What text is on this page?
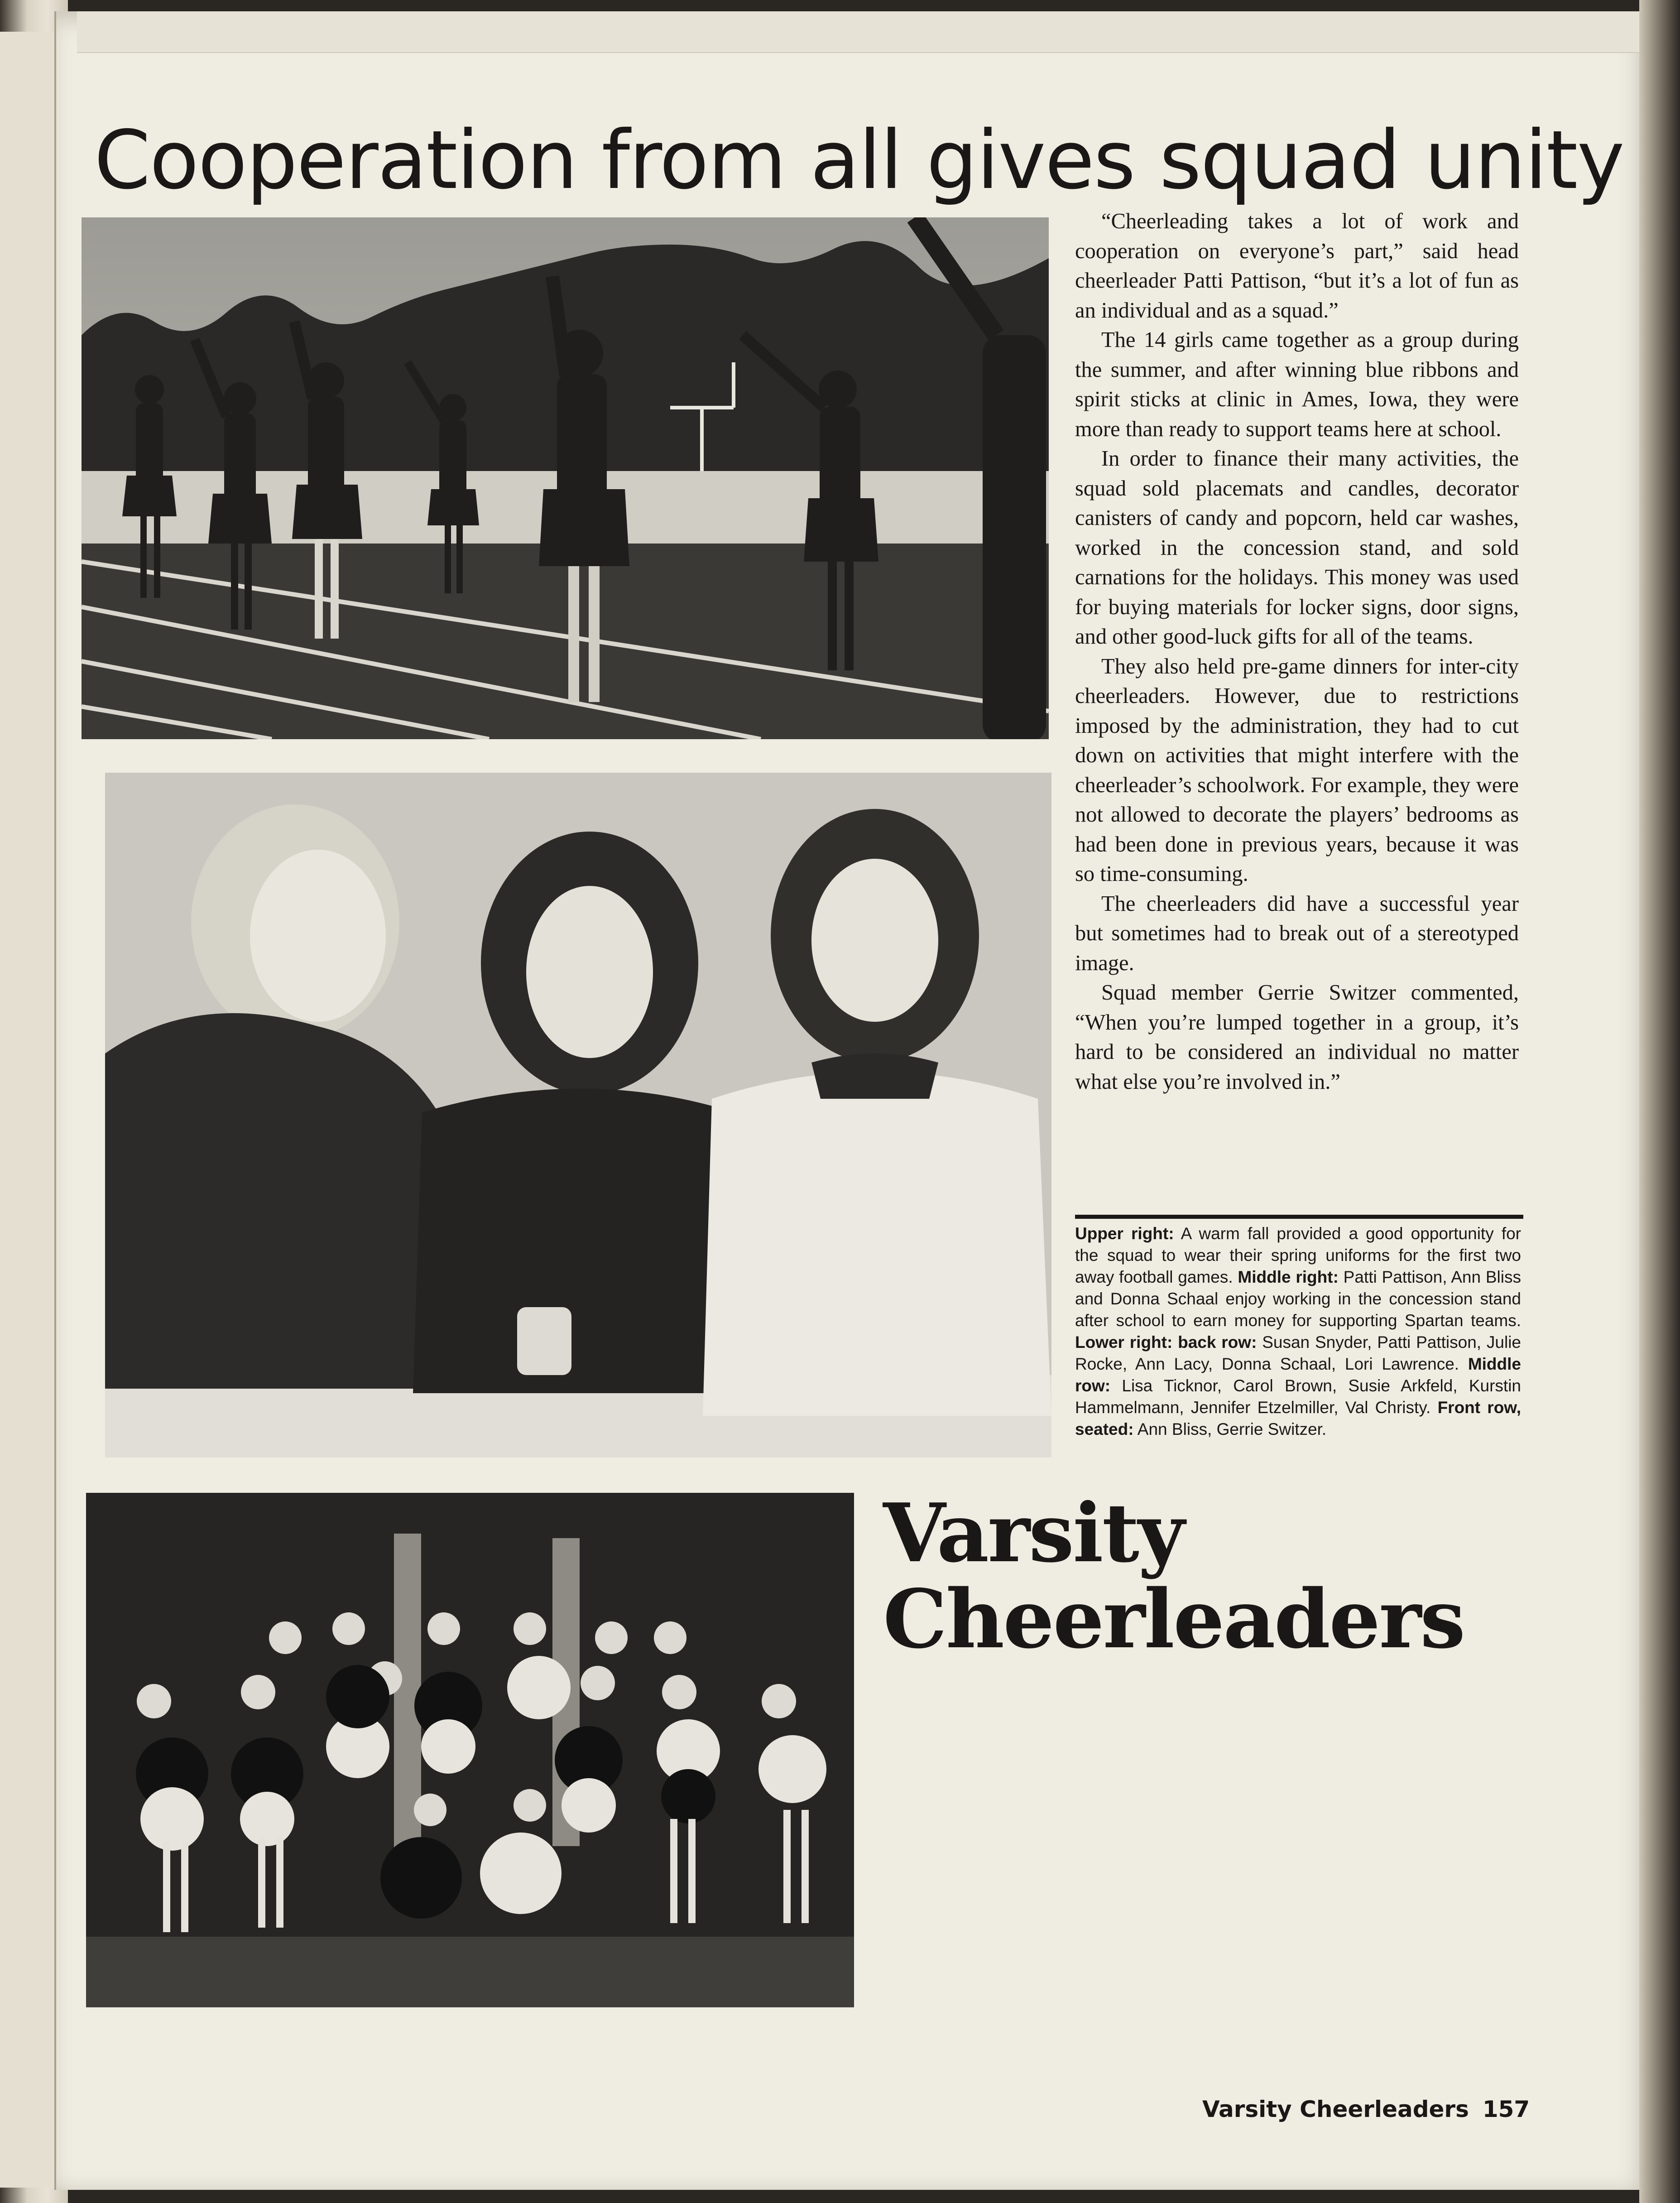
Cooperation from all gives squad unity

“Cheerleading takes a lot of work and cooperation on everyone’s part,” said head cheerleader Patti Pattison, “but it’s a lot of fun as an individual and as a squad.”

The 14 girls came together as a group during the summer, and after winning blue ribbons and spirit sticks at clinic in Ames, Iowa, they were more than ready to support teams here at school.

In order to finance their many activities, the squad sold placemats and candles, decorator canisters of candy and popcorn, held car washes, worked in the concession stand, and sold carnations for the holidays. This money was used for buying materials for locker signs, door signs, and other good-luck gifts for all of the teams.

They also held pre-game dinners for inter-city cheerleaders. However, due to restrictions imposed by the administration, they had to cut down on activities that might interfere with the cheerleader’s schoolwork. For example, they were not allowed to decorate the players’ bedrooms as had been done in previous years, because it was so time-consuming.

The cheerleaders did have a successful year but sometimes had to break out of a stereotyped image.

Squad member Gerrie Switzer commented, “When you’re lumped together in a group, it’s hard to be considered an individual no matter what else you’re involved in.”

Upper right: A warm fall provided a good opportunity for the squad to wear their spring uniforms for the first two away football games. Middle right: Patti Pattison, Ann Bliss and Donna Schaal enjoy working in the concession stand after school to earn money for supporting Spartan teams. Lower right: back row: Susan Snyder, Patti Pattison, Julie Rocke, Ann Lacy, Donna Schaal, Lori Lawrence. Middle row: Lisa Ticknor, Carol Brown, Susie Arkfeld, Kurstin Hammelmann, Jennifer Etzelmiller, Val Christy. Front row, seated: Ann Bliss, Gerrie Switzer.
Varsity
Cheerleaders
Varsity Cheerleaders 157
